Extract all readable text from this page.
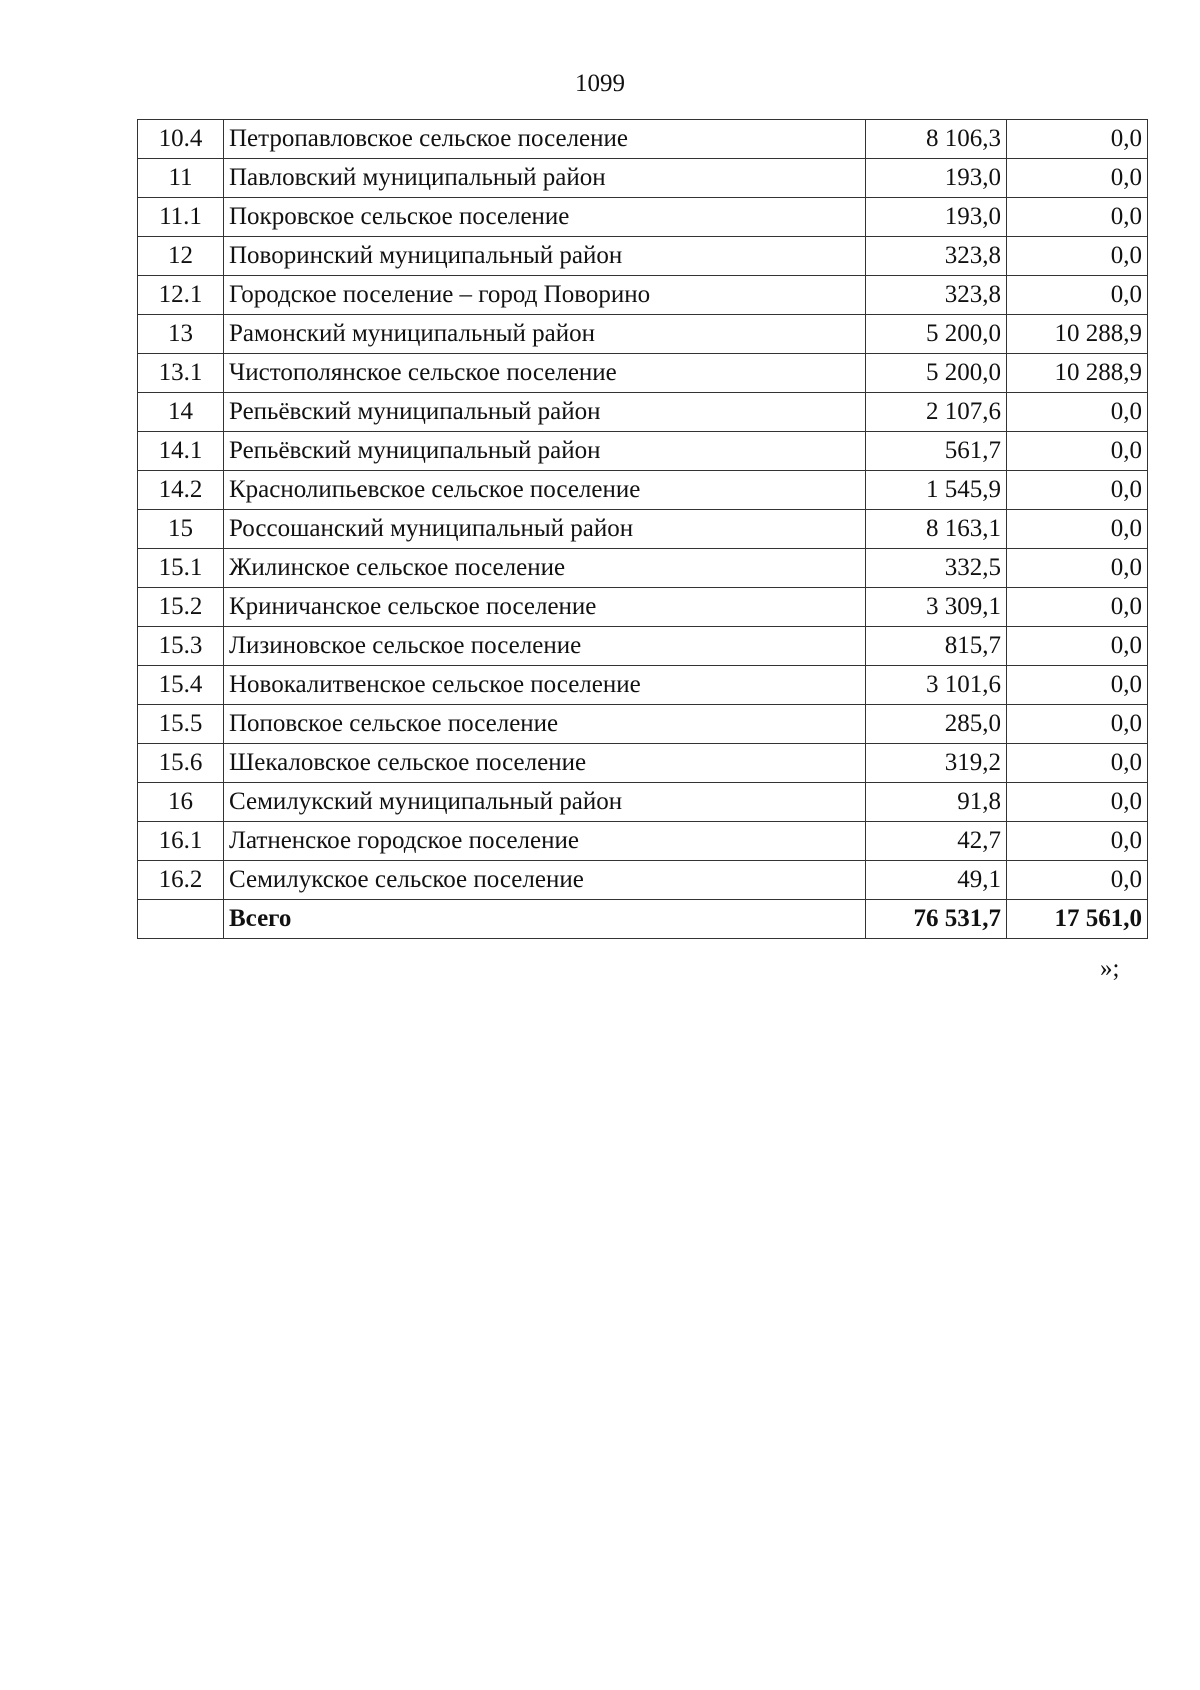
1099
10.4	Петропавловское сельское поселение	8 106,3	0,0
11	Павловский муниципальный район	193,0	0,0
11.1	Покровское сельское поселение	193,0	0,0
12	Поворинский муниципальный район	323,8	0,0
12.1	Городское поселение – город Поворино	323,8	0,0
13	Рамонский муниципальный район	5 200,0	10 288,9
13.1	Чистополянское сельское поселение	5 200,0	10 288,9
14	Репьёвский муниципальный район	2 107,6	0,0
14.1	Репьёвский муниципальный район	561,7	0,0
14.2	Краснолипьевское сельское поселение	1 545,9	0,0
15	Россошанский муниципальный район	8 163,1	0,0
15.1	Жилинское сельское поселение	332,5	0,0
15.2	Криничанское сельское поселение	3 309,1	0,0
15.3	Лизиновское сельское поселение	815,7	0,0
15.4	Новокалитвенское сельское поселение	3 101,6	0,0
15.5	Поповское сельское поселение	285,0	0,0
15.6	Шекаловское сельское поселение	319,2	0,0
16	Семилукский муниципальный район	91,8	0,0
16.1	Латненское городское поселение	42,7	0,0
16.2	Семилукское сельское поселение	49,1	0,0
	Всего	76 531,7	17 561,0
»;
